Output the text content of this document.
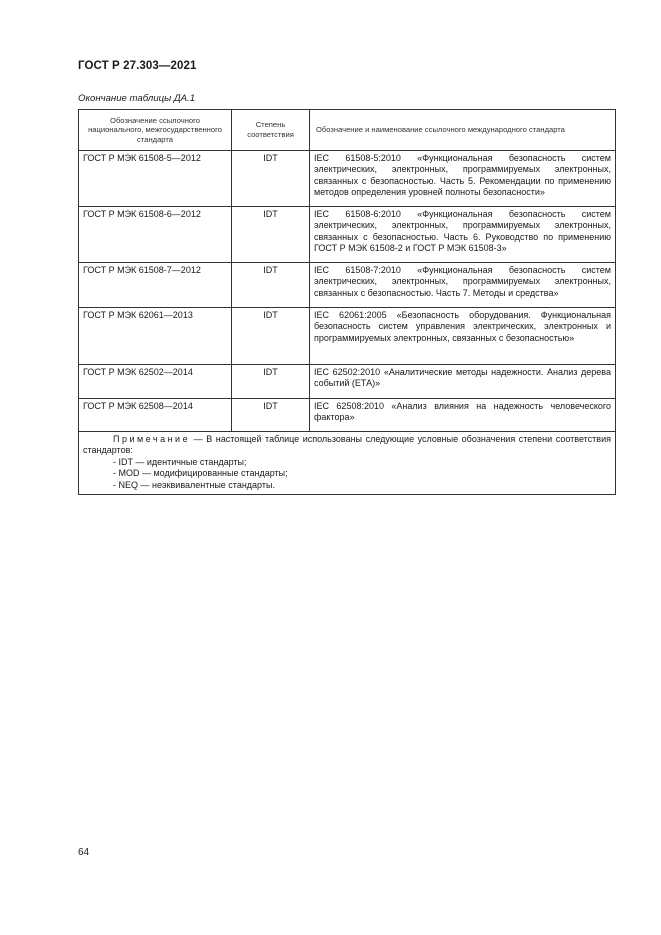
ГОСТ Р 27.303—2021
Окончание таблицы ДА.1
Обозначение ссылочного национального, межгосударственного стандарта	Степень соответствия	Обозначение и наименование ссылочного международного стандарта
ГОСТ Р МЭК 61508-5—2012	IDT	IEC 61508-5:2010 «Функциональная безопасность систем электрических, электронных, программируемых электронных, связанных с безопасностью. Часть 5. Рекомендации по применению методов определения уровней полноты безопасности»
ГОСТ Р МЭК 61508-6—2012	IDT	IEC 61508-6:2010 «Функциональная безопасность систем электрических, электронных, программируемых электронных, связанных с безопасностью. Часть 6. Руководство по применению ГОСТ Р МЭК 61508-2 и ГОСТ Р МЭК 61508-3»
ГОСТ Р МЭК 61508-7—2012	IDT	IEC 61508-7:2010 «Функциональная безопасность систем электрических, электронных, программируемых электронных, связанных с безопасностью. Часть 7. Методы и средства»
ГОСТ Р МЭК 62061—2013	IDT	IEC 62061:2005 «Безопасность оборудования. Функциональная безопасность систем управления электрических, электронных и программируемых электронных, связанных с безопасностью»
ГОСТ Р МЭК 62502—2014	IDT	IEC 62502:2010 «Аналитические методы надежности. Анализ дерева событий (ЕТА)»
ГОСТ Р МЭК 62508—2014	IDT	IEC 62508:2010 «Анализ влияния на надежность человеческого фактора»

Примечание — В настоящей таблице использованы следующие условные обозначения степени соответствия стандартов:

- IDT — идентичные стандарты;

- MOD — модифицированные стандарты;

- NEQ — неэквивалентные стандарты.		

64
